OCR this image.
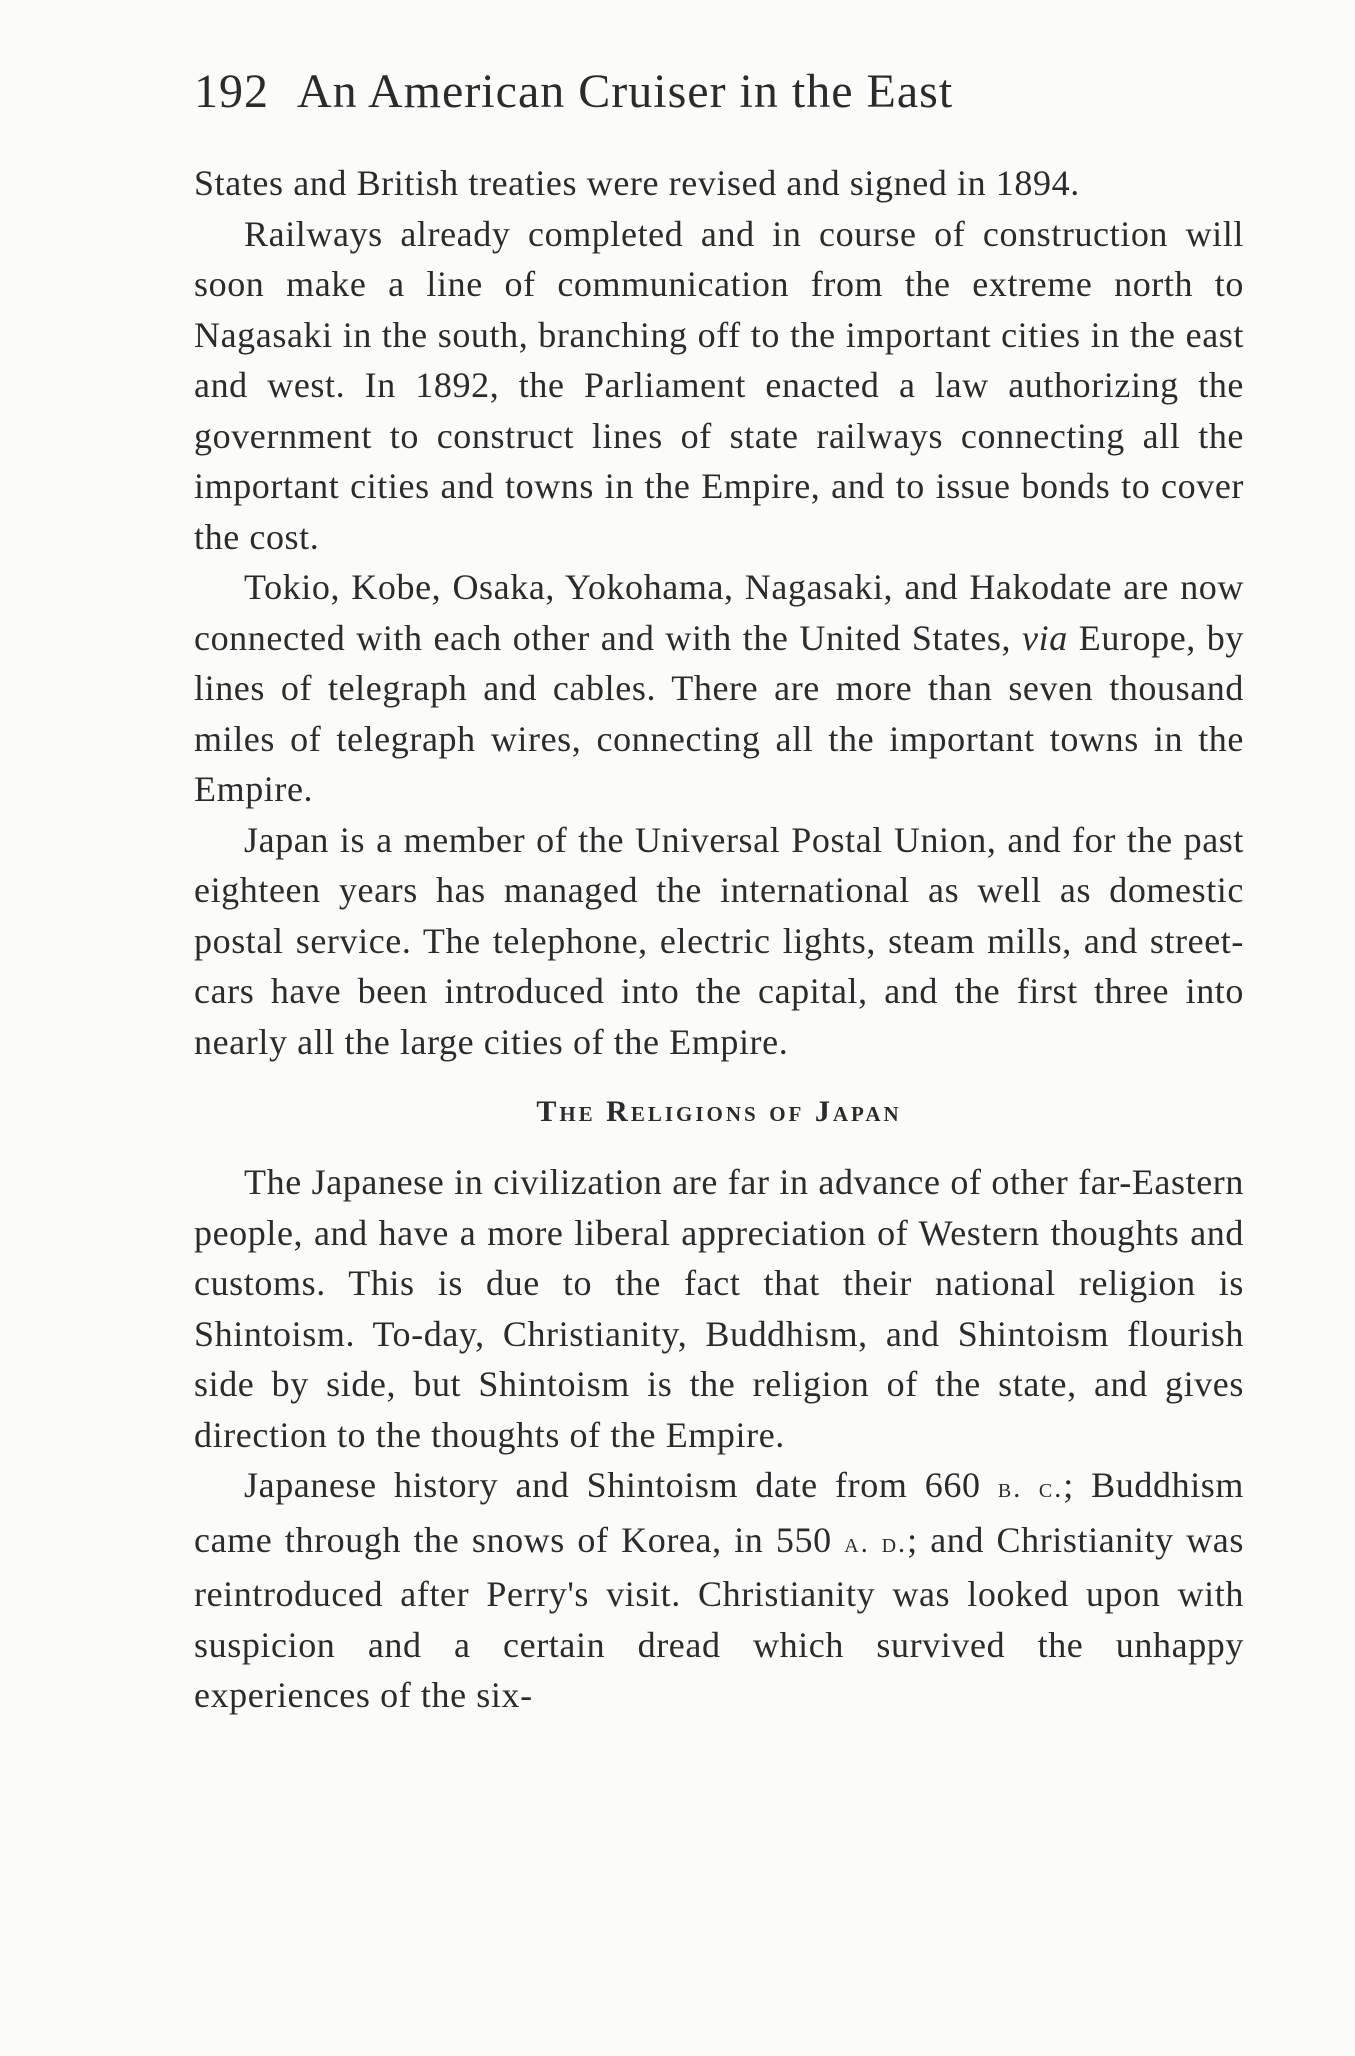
192 An American Cruiser in the East

States and British treaties were revised and signed in 1894.

Railways already completed and in course of construction will soon make a line of communication from the extreme north to Nagasaki in the south, branching off to the important cities in the east and west. In 1892, the Parliament enacted a law authorizing the government to construct lines of state railways connecting all the important cities and towns in the Empire, and to issue bonds to cover the cost.

Tokio, Kobe, Osaka, Yokohama, Nagasaki, and Hakodate are now connected with each other and with the United States, via Europe, by lines of telegraph and cables. There are more than seven thousand miles of telegraph wires, connecting all the important towns in the Empire.

Japan is a member of the Universal Postal Union, and for the past eighteen years has managed the international as well as domestic postal service. The telephone, electric lights, steam mills, and street-cars have been introduced into the capital, and the first three into nearly all the large cities of the Empire.

The Religions of Japan

The Japanese in civilization are far in advance of other far-Eastern people, and have a more liberal appreciation of Western thoughts and customs. This is due to the fact that their national religion is Shintoism. To-day, Christianity, Buddhism, and Shintoism flourish side by side, but Shintoism is the religion of the state, and gives direction to the thoughts of the Empire.

Japanese history and Shintoism date from 660 b. c.; Buddhism came through the snows of Korea, in 550 a. d.; and Christianity was reintroduced after Perry's visit. Christianity was looked upon with suspicion and a certain dread which survived the unhappy experiences of the six-
